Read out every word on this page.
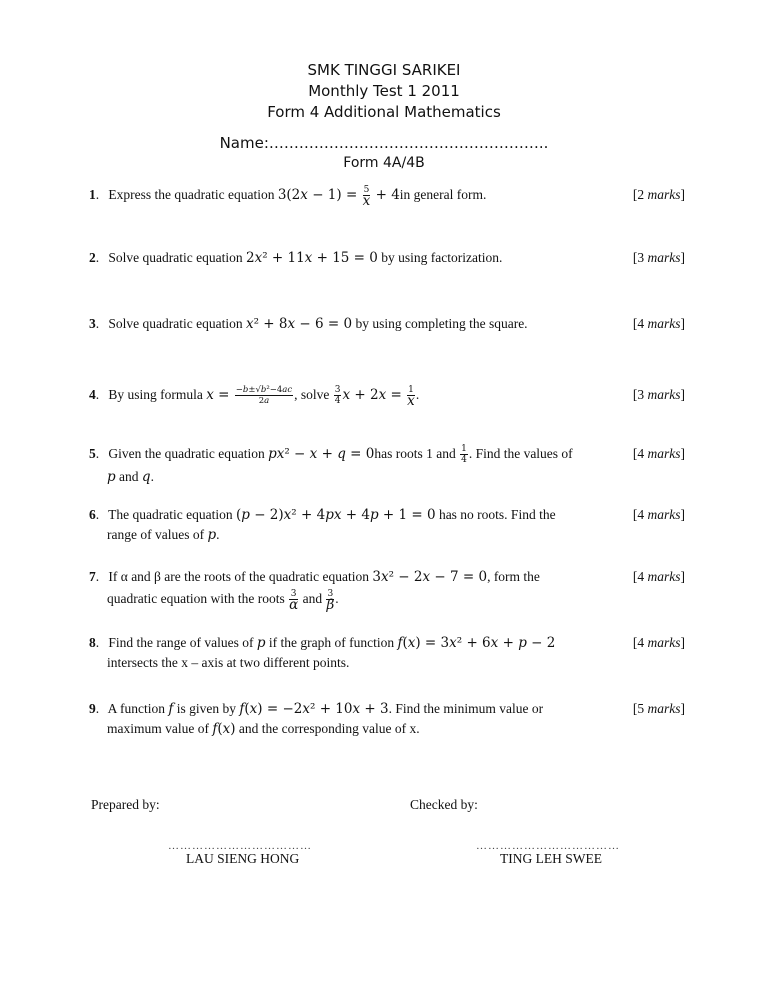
SMK TINGGI SARIKEI
Monthly Test 1 2011
Form 4 Additional Mathematics
Name:………………………………………………..
Form 4A/4B
1. Express the quadratic equation $3(2x - 1) = \frac{5}{x} + 4in$ general form.	[2 marks]
2. Solve quadratic equation 2x² + 11x + 15 = 0 by using factorization.	[3 marks]
3. Solve quadratic equation x² + 8x − 6 = 0 by using completing the square.	[4 marks]
4. By using formula $x = \frac{\text{−b±√b²−4ac}}{2a}$ , solve $\frac{3}{4}$ $x + 2x = \frac{1}{x}$ .	[3 marks]
5. Given the quadratic equation px² − x + q = 0has roots 1 and $\frac{1}{4}$ . Find the values of	[4 marks]
p and q.
6. The quadratic equation (p − 2)x² + 4px + 4p + 1 = 0 has no roots. Find the	[4 marks]
range of values of p.
7. If α and β are the roots of the quadratic equation 3x² − 2x − 7 = 0, form the	[4 marks]
quadratic equation with the roots $\frac{3}{\alpha}$ and $\frac{3}{\beta}$ .
8. Find the range of values of p if the graph of function f(x) = 3x² + 6x + p − 2	[4 marks]
intersects the x – axis at two different points.
9. A function f is given by f(x) = −2x² + 10x + 3. Find the minimum value or	[5 marks]
maximum value of f(x) and the corresponding value of x.
Prepared by:	Checked by:
………………………………	………………………………
LAU SIENG HONG	TING LEH SWEE
